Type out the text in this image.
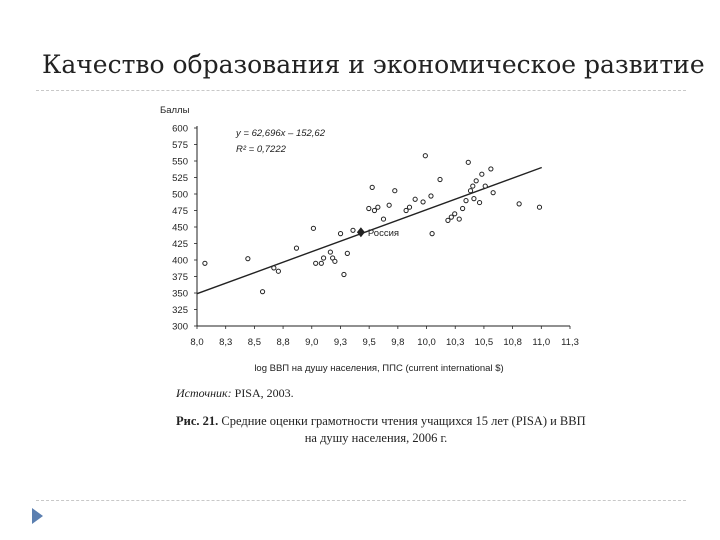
Качество образования и экономическое развитие
300
325
350
375
400
425
450
475
500
525
550
575
600
8,0 8,3 8,5 8,8 9,0 9,3 9,5 9,8 10,0 10,3 10,5 10,8 11,0 11,3
Баллы
log ВВП на душу населения, ППС (current international $)
y = 62,696x – 152,62
R² = 0,7222
Россия
Источник: PISA, 2003.
Рис. 21. Средние оценки грамотности чтения учащихся 15 лет (PISA) и ВВП
на душу населения, 2006 г.
